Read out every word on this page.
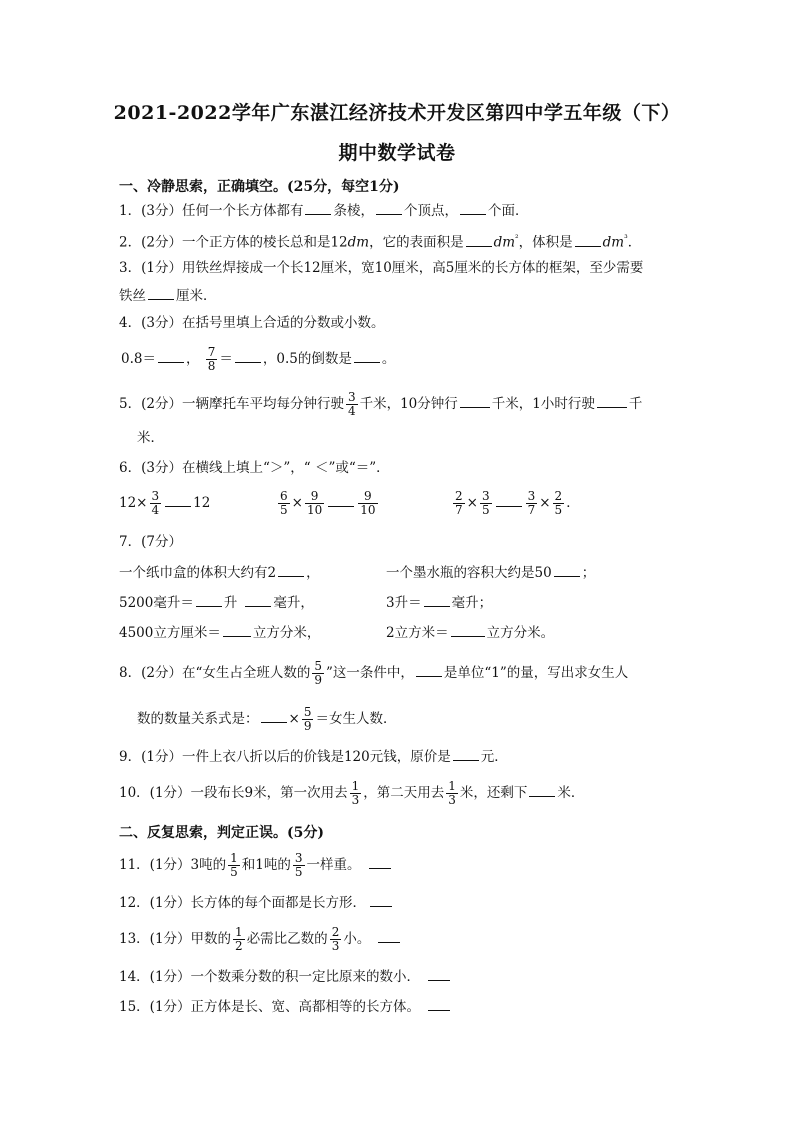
2021-2022学年广东湛江经济技术开发区第四中学五年级（下）
期中数学试卷
一、冷静思索，正确填空。(25分，每空1分)
1．(3分）任何一个长方体都有 条棱， 个顶点， 个面．
2．(2分）一个正方体的棱长总和是12dm，它的表面积是 $dm^{^2}$，体积是 $dm^{^3}$．
3．(1分）用铁丝焊接成一个长12厘米，宽10厘米，高5厘米的长方体的框架，至少需要
铁丝 厘米．
4．(3分）在括号里填上合适的分数或小数。
0.8＝ ， $\frac{7}{8}$ ＝ ，0.5的倒数是 。
5．(2分）一辆摩托车平均每分钟行驶 $\frac{3}{4}$ 千米，10分钟行	千米，1小时行驶	千
米．
6．(3分）在横线上填上“＞”，“ ＜”或“＝”．
$12\times \frac{3}{4} 12$	$\frac{6}{5} \times \frac{9}{10}$	$\frac{9}{10}$	$\frac{2}{7} \times \frac{3}{5}$	$\frac{3}{7} \times \frac{2}{5}$ ．
7．(7分）
一个纸巾盒的体积大约有2 ，	一个墨水瓶的容积大约是50 ；
5200毫升＝ 升	毫升，	3升＝ 毫升；
4500立方厘米＝ 立方分米，	2立方米＝	立方分米。
8．(2分）在“女生占全班人数的 $\frac{5}{9}$ ”这一条件中， 是单位“1”的量，写出求女生人
数的数量关系式是： × $\frac{5}{9}$ ＝女生人数．
9．(1分）一件上衣八折以后的价钱是120元钱，原价是 元．
10．(1分）一段布长9米，第一次用去 $\frac{1}{3}$ ，第二天用去 $\frac{1}{3}$ 米，还剩下 米．
二、反复思索，判定正误。(5分)
11．(1分）3吨的 $\frac{1}{5}$ 和1吨的 $\frac{3}{5}$ 一样重。
12．(1分）长方体的每个面都是长方形．
13．(1分）甲数的 $\frac{1}{2}$ 必需比乙数的 $\frac{2}{3}$ 小。
14．(1分）一个数乘分数的积一定比原来的数小．
15．(1分）正方体是长、宽、高都相等的长方体。
